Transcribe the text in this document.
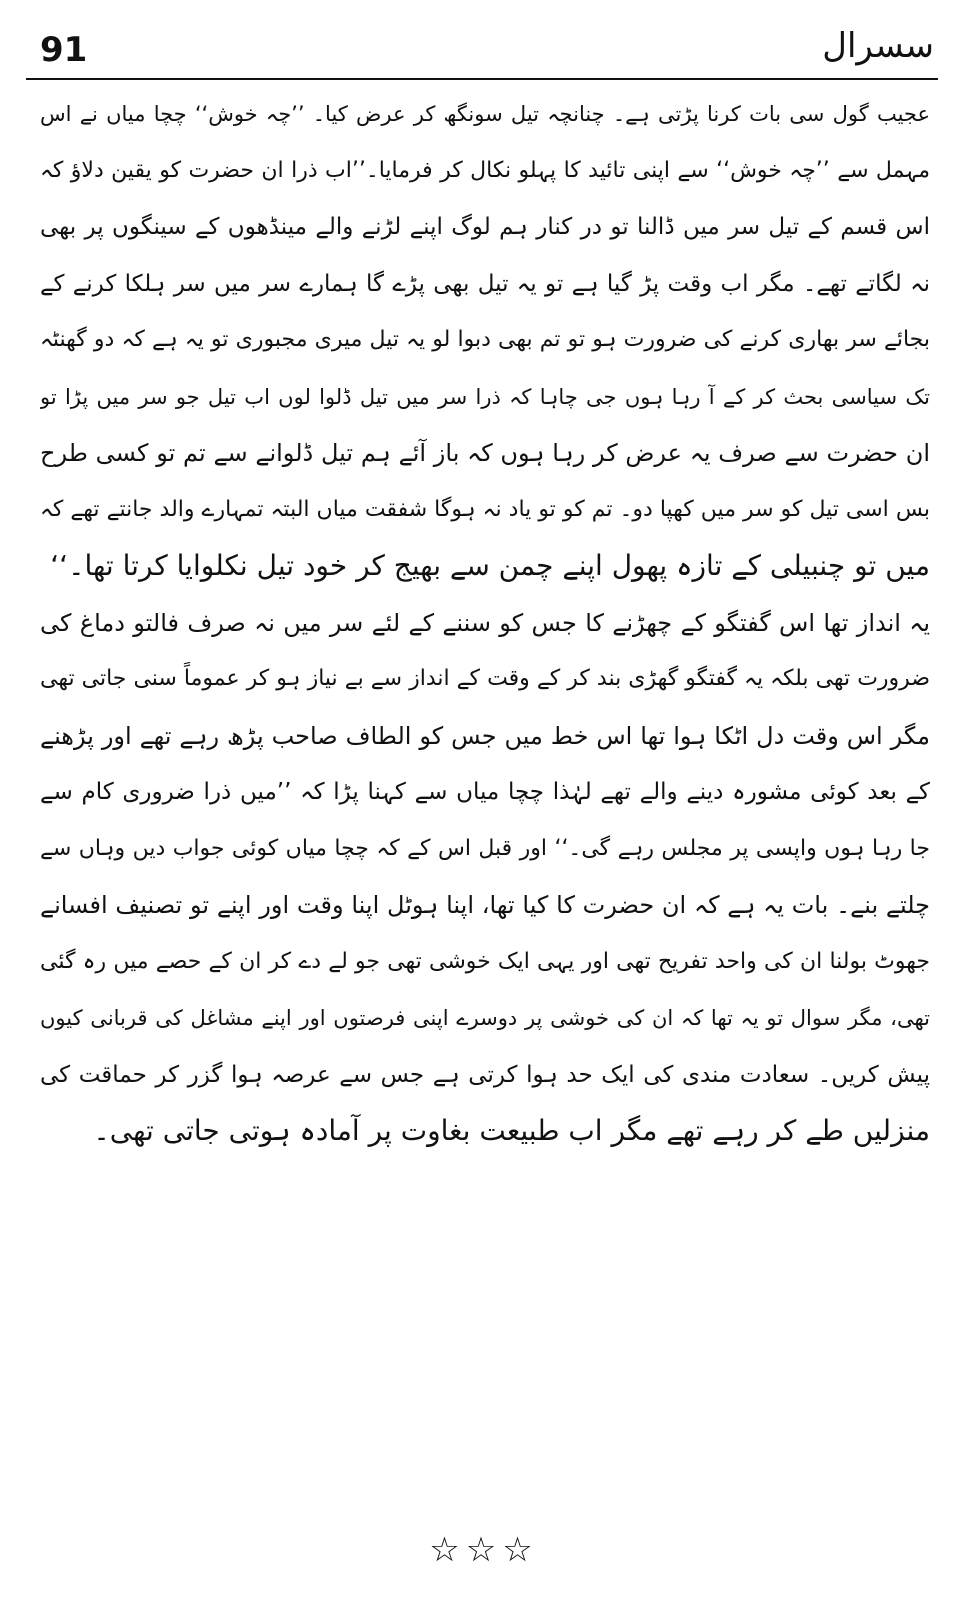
91	سسرال
عجیب گول سی بات کرنا پڑتی ہے۔ چنانچہ تیل سونگھ کر عرض کیا۔ ’’چہ خوش‘‘ چچا میاں نے اس
مہمل سے ’’چہ خوش‘‘ سے اپنی تائید کا پہلو نکال کر فرمایا۔’’اب ذرا ان حضرت کو یقین دلاؤ کہ
اس قسم کے تیل سر میں ڈالنا تو در کنار ہم لوگ اپنے لڑنے والے مینڈھوں کے سینگوں پر بھی
نہ لگاتے تھے۔ مگر اب وقت پڑ گیا ہے تو یہ تیل بھی پڑے گا ہمارے سر میں سر ہلکا کرنے کے
بجائے سر بھاری کرنے کی ضرورت ہو تو تم بھی دبوا لو یہ تیل میری مجبوری تو یہ ہے کہ دو گھنٹہ
تک سیاسی بحث کر کے آ رہا ہوں جی چاہا کہ ذرا سر میں تیل ڈلوا لوں اب تیل جو سر میں پڑا تو
ان حضرت سے صرف یہ عرض کر رہا ہوں کہ باز آئے ہم تیل ڈلوانے سے تم تو کسی طرح
بس اسی تیل کو سر میں کھپا دو۔ تم کو تو یاد نہ ہوگا شفقت میاں البتہ تمہارے والد جانتے تھے کہ
میں تو چنبیلی کے تازہ پھول اپنے چمن سے بھیج کر خود تیل نکلوایا کرتا تھا۔‘‘
یہ انداز تھا اس گفتگو کے چھڑنے کا جس کو سننے کے لئے سر میں نہ صرف فالتو دماغ کی
ضرورت تھی بلکہ یہ گفتگو گھڑی بند کر کے وقت کے انداز سے بے نیاز ہو کر عموماً سنی جاتی تھی
مگر اس وقت دل اٹکا ہوا تھا اس خط میں جس کو الطاف صاحب پڑھ رہے تھے اور پڑھنے
کے بعد کوئی مشورہ دینے والے تھے لہٰذا چچا میاں سے کہنا پڑا کہ ’’میں ذرا ضروری کام سے
جا رہا ہوں واپسی پر مجلس رہے گی۔‘‘ اور قبل اس کے کہ چچا میاں کوئی جواب دیں وہاں سے
چلتے بنے۔ بات یہ ہے کہ ان حضرت کا کیا تھا، اپنا ہوٹل اپنا وقت اور اپنے تو تصنیف افسانے
جھوٹ بولنا ان کی واحد تفریح تھی اور یہی ایک خوشی تھی جو لے دے کر ان کے حصے میں رہ گئی
تھی، مگر سوال تو یہ تھا کہ ان کی خوشی پر دوسرے اپنی فرصتوں اور اپنے مشاغل کی قربانی کیوں
پیش کریں۔ سعادت مندی کی ایک حد ہوا کرتی ہے جس سے عرصہ ہوا گزر کر حماقت کی
منزلیں طے کر رہے تھے مگر اب طبیعت بغاوت پر آمادہ ہوتی جاتی تھی۔
☆☆☆
